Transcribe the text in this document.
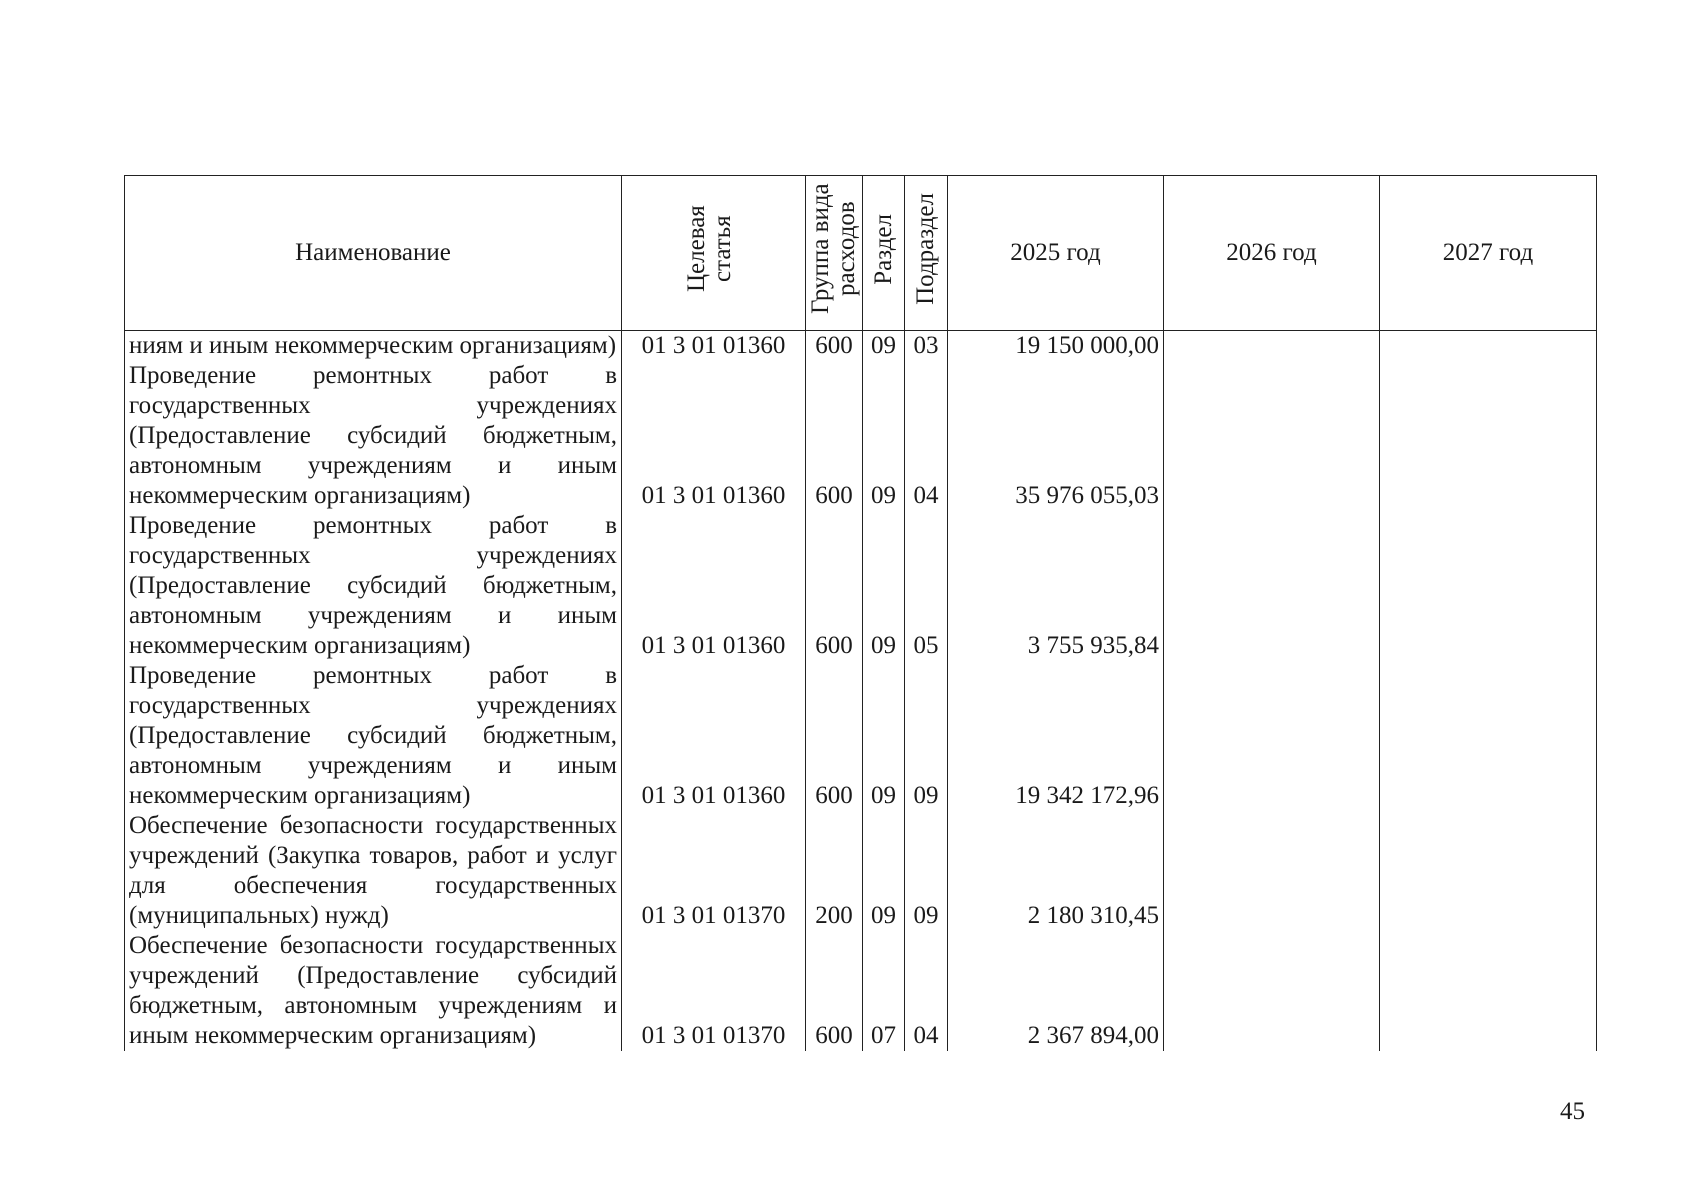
Наименование	Целевая статья	Группа вида расходов	Раздел	Подраздел	2025 год	2026 год	2027 год
ниям и иным некоммерческим организациям)	01 3 01 01360	600	09	03	19 150 000,00		
Проведение ремонтных работ в государственных учреждениях (Предоставление субсидий бюджетным, автономным учреждениям и иным некоммерческим организациям)	01 3 01 01360	600	09	04	35 976 055,03		
Проведение ремонтных работ в государственных учреждениях (Предоставление субсидий бюджетным, автономным учреждениям и иным некоммерческим организациям)	01 3 01 01360	600	09	05	3 755 935,84		
Проведение ремонтных работ в государственных учреждениях (Предоставление субсидий бюджетным, автономным учреждениям и иным некоммерческим организациям)	01 3 01 01360	600	09	09	19 342 172,96		
Обеспечение безопасности государственных учреждений (Закупка товаров, работ и услуг для обеспечения государственных (муниципальных) нужд)	01 3 01 01370	200	09	09	2 180 310,45		
Обеспечение безопасности государственных учреждений (Предоставление субсидий бюджетным, автономным учреждениям и иным некоммерческим организациям)	01 3 01 01370	600	07	04	2 367 894,00		
45
